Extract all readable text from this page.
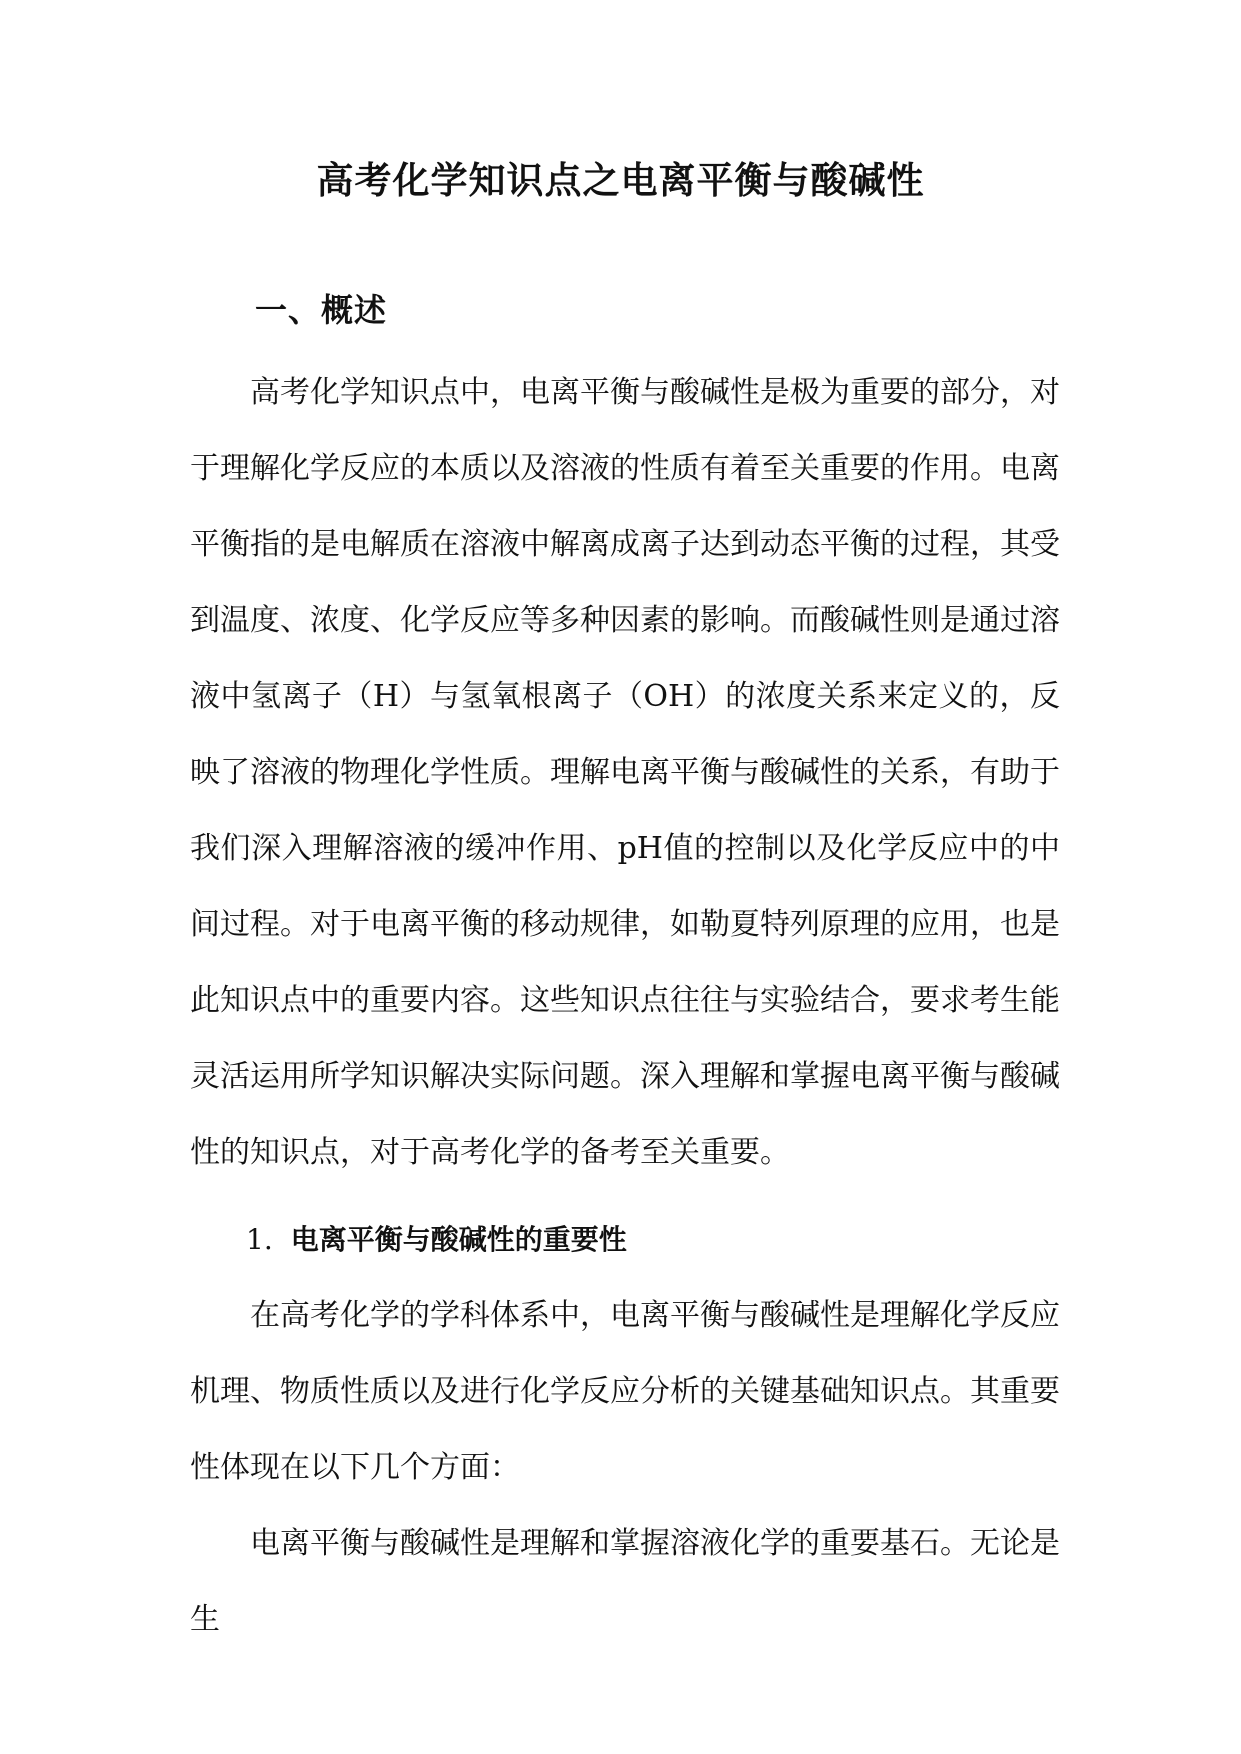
高考化学知识点之电离平衡与酸碱性
一、概述

高考化学知识点中，电离平衡与酸碱性是极为重要的部分，对于理解化学反应的本质以及溶液的性质有着至关重要的作用。电离平衡指的是电解质在溶液中解离成离子达到动态平衡的过程，其受到温度、浓度、化学反应等多种因素的影响。而酸碱性则是通过溶液中氢离子（H）与氢氧根离子（OH）的浓度关系来定义的，反映了溶液的物理化学性质。理解电离平衡与酸碱性的关系，有助于我们深入理解溶液的缓冲作用、pH值的控制以及化学反应中的中间过程。对于电离平衡的移动规律，如勒夏特列原理的应用，也是此知识点中的重要内容。这些知识点往往与实验结合，要求考生能灵活运用所学知识解决实际问题。深入理解和掌握电离平衡与酸碱性的知识点，对于高考化学的备考至关重要。

1. 电离平衡与酸碱性的重要性

在高考化学的学科体系中，电离平衡与酸碱性是理解化学反应机理、物质性质以及进行化学反应分析的关键基础知识点。其重要性体现在以下几个方面：

电离平衡与酸碱性是理解和掌握溶液化学的重要基石。无论是生
